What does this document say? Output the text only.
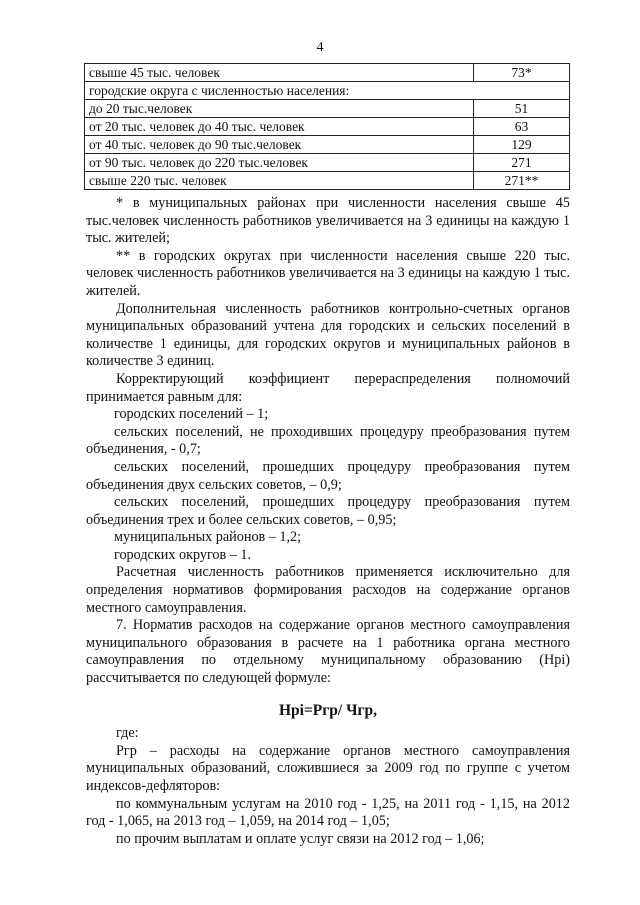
4
свыше 45 тыс. человек	73*
городские округа с численностью населения:	
до 20 тыс.человек	51
от 20 тыс. человек до 40 тыс. человек	63
от 40 тыс. человек до 90 тыс.человек	129
от 90 тыс. человек до 220 тыс.человек	271
свыше 220 тыс. человек	271**

* в муниципальных районах при численности населения свыше 45 тыс.человек численность работников увеличивается на 3 единицы на каждую 1 тыс. жителей;

** в городских округах при численности населения свыше 220 тыс. человек численность работников увеличивается на 3 единицы на каждую 1 тыс. жителей.

Дополнительная численность работников контрольно-счетных органов муниципальных образований учтена для городских и сельских поселений в количестве 1 единицы, для городских округов и муниципальных районов в количестве 3 единиц.

Корректирующий коэффициент перераспределения полномочий принимается равным для:

городских поселений – 1;

сельских поселений, не проходивших процедуру преобразования путем объединения, - 0,7;

сельских поселений, прошедших процедуру преобразования путем объединения двух сельских советов, – 0,9;

сельских поселений, прошедших процедуру преобразования путем объединения трех и более сельских советов, – 0,95;

муниципальных районов – 1,2;

городских округов – 1.

Расчетная численность работников применяется исключительно для определения нормативов формирования расходов на содержание органов местного самоуправления.

7. Норматив расходов на содержание органов местного самоуправления муниципального образования в расчете на 1 работника органа местного самоуправления по отдельному муниципальному образованию (Нрi) рассчитывается по следующей формуле:

Нрi=Ргр/ Чгр,

где:

Ргр – расходы на содержание органов местного самоуправления муниципальных образований, сложившиеся за 2009 год по группе с учетом индексов-дефляторов:

по коммунальным услугам на 2010 год - 1,25, на 2011 год - 1,15, на 2012 год - 1,065, на 2013 год – 1,059, на 2014 год – 1,05;

по прочим выплатам и оплате услуг связи на 2012 год – 1,06;
